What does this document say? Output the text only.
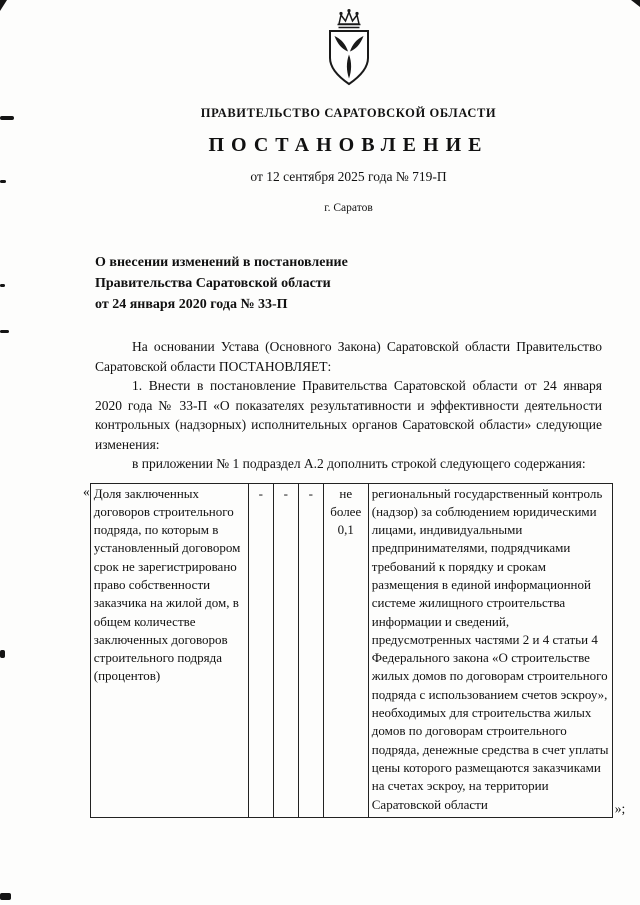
ПРАВИТЕЛЬСТВО САРАТОВСКОЙ ОБЛАСТИ
ПОСТАНОВЛЕНИЕ
от 12 сентября 2025 года № 719-П
г. Саратов
О внесении изменений в постановление
Правительства Саратовской области
от 24 января 2020 года № 33-П

На основании Устава (Основного Закона) Саратовской области Правительство Саратовской области ПОСТАНОВЛЯЕТ:

1. Внести в постановление Правительства Саратовской области от 24 января 2020 года № 33-П «О показателях результативности и эффективности деятельности контрольных (надзорных) исполнительных органов Саратовской области» следующие изменения:

в приложении № 1 подраздел А.2 дополнить строкой следующего содержания:

« Доля заключенных договоров строительного подряда, по которым в установленный договором срок не зарегистрировано право собственности заказчика на жилой дом, в общем количестве заключенных договоров строительного подряда (процентов)	-	-	-	не более 0,1	региональный государственный контроль (надзор) за соблюдением юридическими лицами, индивидуальными предпринимателями, подрядчиками требований к порядку и срокам размещения в единой информационной системе жилищного строительства информации и сведений, предусмотренных частями 2 и 4 статьи 4 Федерального закона «О строительстве жилых домов по договорам строительного подряда с использованием счетов эскроу», необходимых для строительства жилых домов по договорам строительного подряда, денежные средства в счет уплаты цены которого размещаются заказчиками на счетах эскроу, на территории Саратовской области	»;
